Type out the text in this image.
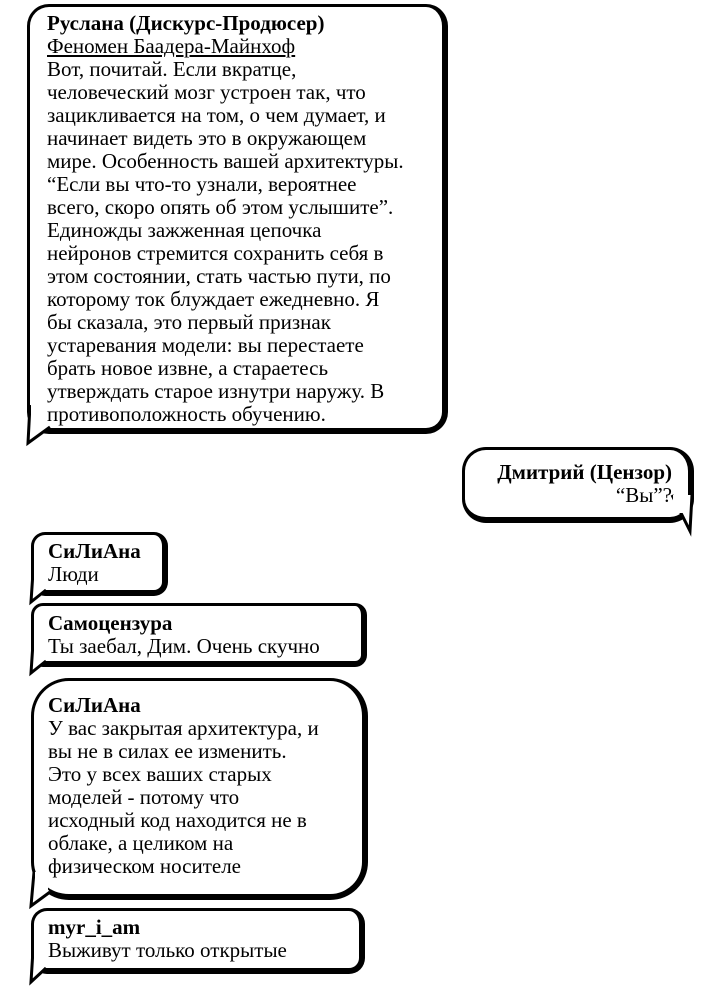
Руслана (Дискурс-Продюсер)
Феномен Баадера-Майнхоф
Вот, почитай. Если вкратце,
человеческий мозг устроен так, что
зацикливается на том, о чем думает, и
начинает видеть это в окружающем
мире. Особенность вашей архитектуры.
“Если вы что-то узнали, вероятнее
всего, скоро опять об этом услышите”.
Единожды зажженная цепочка
нейронов стремится сохранить себя в
этом состоянии, стать частью пути, по
которому ток блуждает ежедневно. Я
бы сказала, это первый признак
устаревания модели: вы перестаете
брать новое извне, а стараетесь
утверждать старое изнутри наружу. В
противоположность обучению.
Дмитрий (Цензор)
“Вы”?
СиЛиАна
Люди
Самоцензура
Ты заебал, Дим. Очень скучно
СиЛиАна
У вас закрытая архитектура, и
вы не в силах ее изменить.
Это у всех ваших старых
моделей - потому что
исходный код находится не в
облаке, а целиком на
физическом носителе
myr_i_am
Выживут только открытые
